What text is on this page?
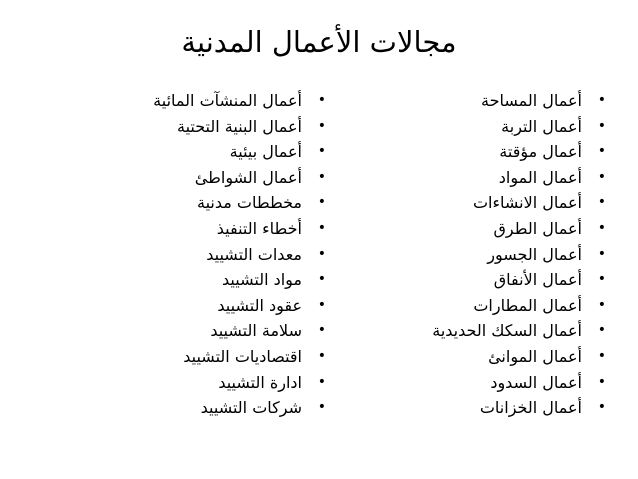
مجالات الأعمال المدنية
•
أعمال المساحة
•
أعمال التربة
•
أعمال مؤقتة
•
أعمال المواد
•
أعمال الانشاءات
•
أعمال الطرق
•
أعمال الجسور
•
أعمال الأنفاق
•
أعمال المطارات
•
أعمال السكك الحديدية
•
أعمال الموانئ
•
أعمال السدود
•
أعمال الخزانات
•
أعمال المنشآت المائية
•
أعمال البنية التحتية
•
أعمال بيئية
•
أعمال الشواطئ
•
مخططات مدنية
•
أخطاء التنفيذ
•
معدات التشييد
•
مواد التشييد
•
عقود التشييد
•
سلامة التشييد
•
اقتصاديات التشييد
•
ادارة التشييد
•
شركات التشييد
